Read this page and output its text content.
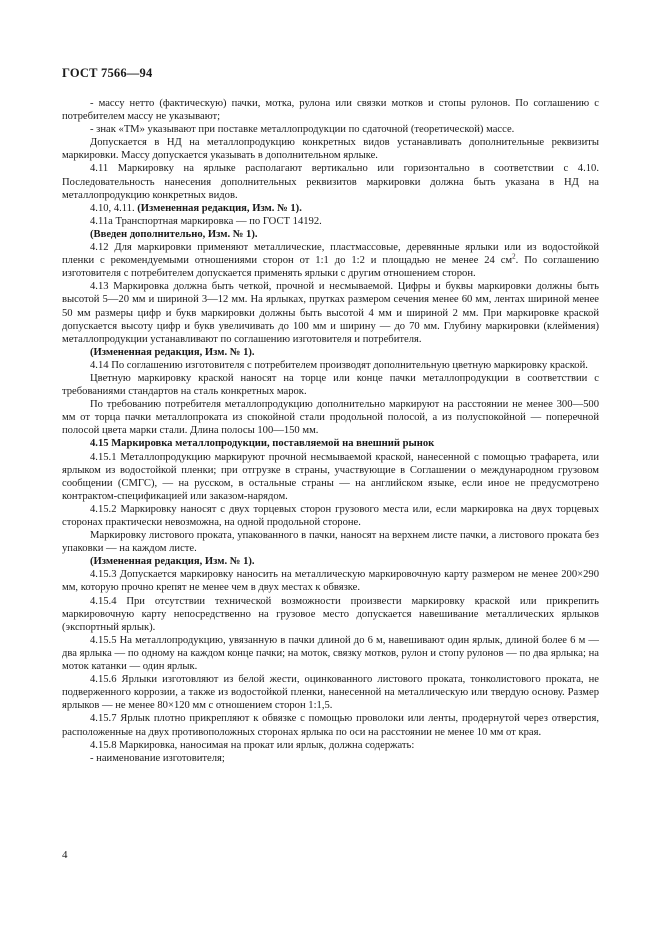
ГОСТ 7566—94

- массу нетто (фактическую) пачки, мотка, рулона или связки мотков и стопы рулонов. По соглашению с потребителем массу не указывают;

- знак «ТМ» указывают при поставке металлопродукции по сдаточной (теоретической) массе.

Допускается в НД на металлопродукцию конкретных видов устанавливать дополнительные реквизиты маркировки. Массу допускается указывать в дополнительном ярлыке.

4.11 Маркировку на ярлыке располагают вертикально или горизонтально в соответствии с 4.10. Последовательность нанесения дополнительных реквизитов маркировки должна быть указана в НД на металлопродукцию конкретных видов.

4.10, 4.11. (Измененная редакция, Изм. № 1).

4.11а Транспортная маркировка — по ГОСТ 14192.

(Введен дополнительно, Изм. № 1).

4.12 Для маркировки применяют металлические, пластмассовые, деревянные ярлыки или из водостойкой пленки с рекомендуемыми отношениями сторон от 1:1 до 1:2 и площадью не менее 24 $см^2$. По соглашению изготовителя с потребителем допускается применять ярлыки с другим отношением сторон.

4.13 Маркировка должна быть четкой, прочной и несмываемой. Цифры и буквы маркировки должны быть высотой 5—20 мм и шириной 3—12 мм. На ярлыках, прутках размером сечения менее 60 мм, лентах шириной менее 50 мм размеры цифр и букв маркировки должны быть высотой 4 мм и шириной 2 мм. При маркировке краской допускается высоту цифр и букв увеличивать до 100 мм и ширину — до 70 мм. Глубину маркировки (клеймения) металлопродукции устанавливают по соглашению изготовителя и потребителя.

(Измененная редакция, Изм. № 1).

4.14 По соглашению изготовителя с потребителем производят дополнительную цветную маркировку краской.

Цветную маркировку краской наносят на торце или конце пачки металлопродукции в соответствии с требованиями стандартов на сталь конкретных марок.

По требованию потребителя металлопродукцию дополнительно маркируют на расстоянии не менее 300—500 мм от торца пачки металлопроката из спокойной стали продольной полосой, а из полуспокойной — поперечной полосой цвета марки стали. Длина полосы 100—150 мм.

4.15 Маркировка металлопродукции, поставляемой на внешний рынок

4.15.1 Металлопродукцию маркируют прочной несмываемой краской, нанесенной с помощью трафарета, или ярлыком из водостойкой пленки; при отгрузке в страны, участвующие в Соглашении о международном грузовом сообщении (СМГС), — на русском, в остальные страны — на английском языке, если иное не предусмотрено контрактом-спецификацией или заказом-нарядом.

4.15.2 Маркировку наносят с двух торцевых сторон грузового места или, если маркировка на двух торцевых сторонах практически невозможна, на одной продольной стороне.

Маркировку листового проката, упакованного в пачки, наносят на верхнем листе пачки, а листового проката без упаковки — на каждом листе.

(Измененная редакция, Изм. № 1).

4.15.3 Допускается маркировку наносить на металлическую маркировочную карту размером не менее 200×290 мм, которую прочно крепят не менее чем в двух местах к обвязке.

4.15.4 При отсутствии технической возможности произвести маркировку краской или прикрепить маркировочную карту непосредственно на грузовое место допускается навешивание металлических ярлыков (экспортный ярлык).

4.15.5 На металлопродукцию, увязанную в пачки длиной до 6 м, навешивают один ярлык, длиной более 6 м — два ярлыка — по одному на каждом конце пачки; на моток, связку мотков, рулон и стопу рулонов — по два ярлыка; на моток катанки — один ярлык.

4.15.6 Ярлыки изготовляют из белой жести, оцинкованного листового проката, тонколистового проката, не подверженного коррозии, а также из водостойкой пленки, нанесенной на металлическую или твердую основу. Размер ярлыков — не менее 80×120 мм с отношением сторон 1:1,5.

4.15.7 Ярлык плотно прикрепляют к обвязке с помощью проволоки или ленты, продернутой через отверстия, расположенные на двух противоположных сторонах ярлыка по оси на расстоянии не менее 10 мм от края.

4.15.8 Маркировка, наносимая на прокат или ярлык, должна содержать:

- наименование изготовителя;

4
